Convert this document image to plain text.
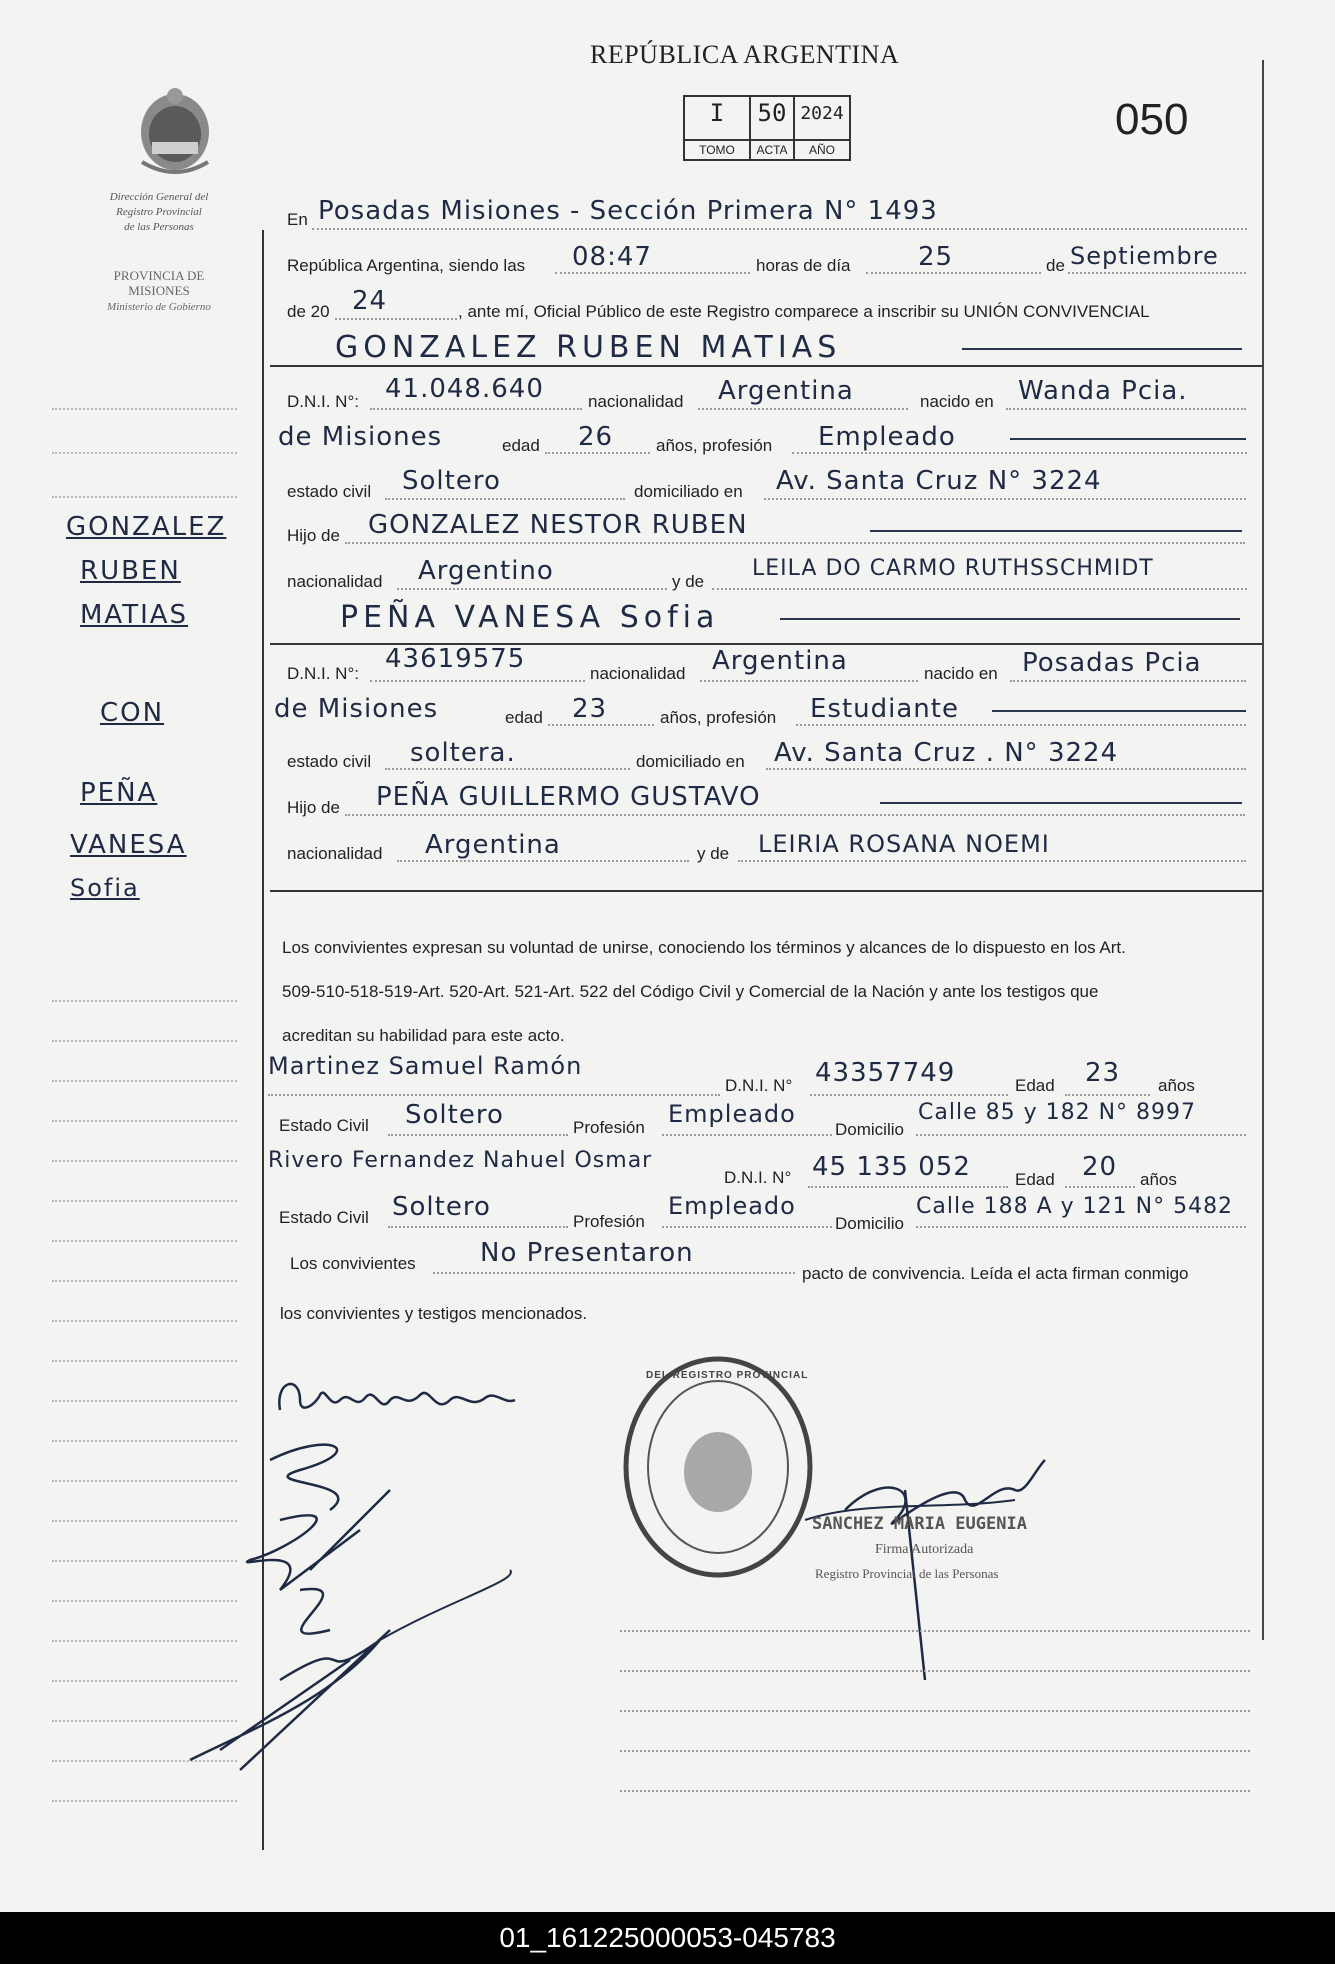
REPÚBLICA ARGENTINA
050
I
TOMO
50
ACTA
2024
AÑO
Dirección General del
Registro Provincial
de las Personas
PROVINCIA DE
MISIONES
Ministerio de Gobierno
GONZALEZ
RUBEN
MATIAS
CON
PEÑA
VANESA
Sofia
En Posadas Misiones - Sección Primera N° 1493
República Argentina, siendo las 08:47	horas de día	25	de Septiembre
de 20 24	, ante mí, Oficial Público de este Registro comparece a inscribir su UNIÓN CONVIVENCIAL
GONZALEZ RUBEN MATIAS
D.N.I. N°: 41.048.640	nacionalidad Argentina	nacido en Wanda Pcia.
de Misiones	edad 26	años, profesión Empleado
estado civil Soltero	domiciliado en Av. Santa Cruz N° 3224
Hijo de GONZALEZ NESTOR RUBEN
nacionalidad Argentino	y de
LEILA DO CARMO RUTHSSCHMIDT
PEÑA VANESA Sofia
D.N.I. N°: 43619575	nacionalidad Argentina	nacido en Posadas Pcia
de Misiones	edad 23	años, profesión Estudiante
estado civil soltera.	domiciliado en Av. Santa Cruz . N° 3224
Hijo de PEÑA GUILLERMO GUSTAVO
nacionalidad Argentina	y de LEIRIA ROSANA NOEMI
Los convivientes expresan su voluntad de unirse, conociendo los términos y alcances de lo dispuesto en los Art.
509-510-518-519-Art. 520-Art. 521-Art. 522 del Código Civil y Comercial de la Nación y ante los testigos que
acreditan su habilidad para este acto.
Martinez Samuel Ramón
D.N.I. N° 43357749	Edad 23 años
Estado Civil Soltero	Profesión Empleado
Domicilio
Calle 85 y 182 N° 8997
Rivero Fernandez Nahuel Osmar
D.N.I. N° 45 135 052	Edad 20 años
Estado Civil Soltero	Profesión
Empleado
Domicilio
Calle 188 A y 121 N° 5482
Los convivientes No Presentaron
pacto de convivencia. Leída el acta firman conmigo
los convivientes y testigos mencionados.
DEL REGISTRO PROVINCIAL
SANCHEZ MARIA EUGENIA
Firma Autorizada
Registro Provincial de las Personas
01_161225000053-045783
